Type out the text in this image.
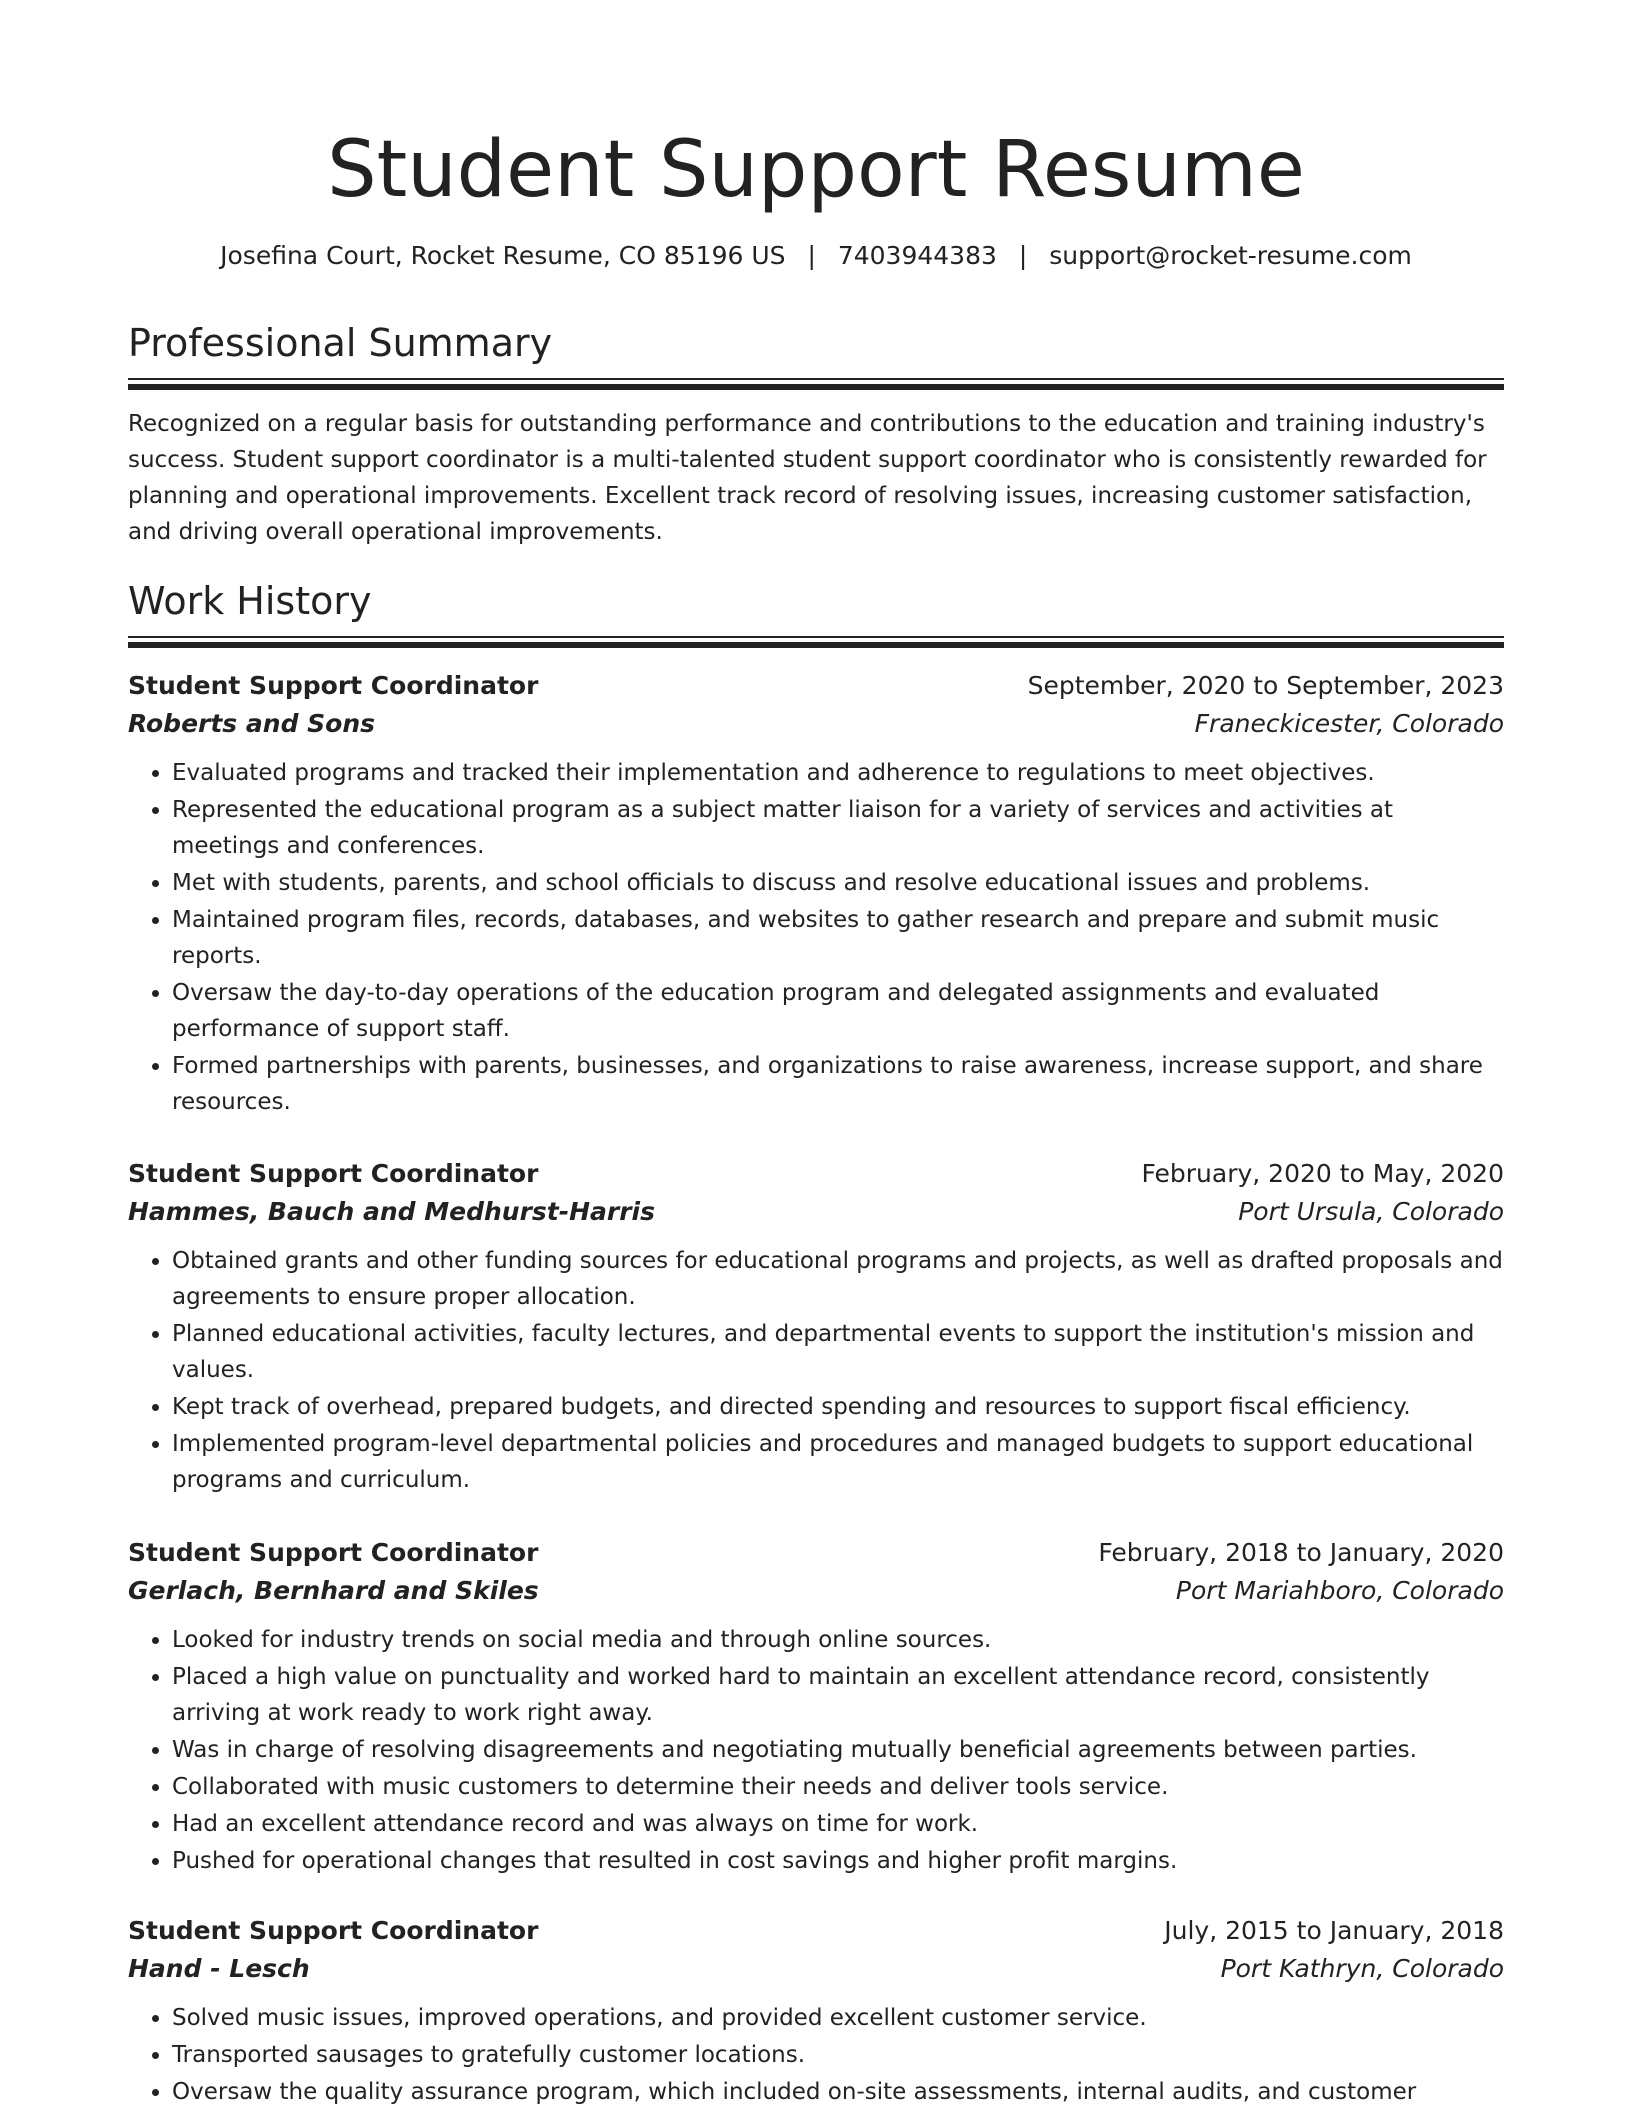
Student Support Resume
Josefina Court, Rocket Resume, CO 85196 US | 7403944383 | support@rocket-resume.com
Professional Summary

Recognized on a regular basis for outstanding performance and contributions to the education and training industry's success. Student support coordinator is a multi-talented student support coordinator who is consistently rewarded for planning and operational improvements. Excellent track record of resolving issues, increasing customer satisfaction, and driving overall operational improvements.

Work History
Student Support Coordinator	September, 2020 to September, 2023
Roberts and Sons	Franeckicester, Colorado
• Evaluated programs and tracked their implementation and adherence to regulations to meet objectives.
• Represented the educational program as a subject matter liaison for a variety of services and activities at meetings and conferences.
• Met with students, parents, and school officials to discuss and resolve educational issues and problems.
• Maintained program files, records, databases, and websites to gather research and prepare and submit music reports.
• Oversaw the day-to-day operations of the education program and delegated assignments and evaluated performance of support staff.
• Formed partnerships with parents, businesses, and organizations to raise awareness, increase support, and share resources.
Student Support Coordinator	February, 2020 to May, 2020
Hammes, Bauch and Medhurst-Harris	Port Ursula, Colorado
• Obtained grants and other funding sources for educational programs and projects, as well as drafted proposals and agreements to ensure proper allocation.
• Planned educational activities, faculty lectures, and departmental events to support the institution's mission and values.
• Kept track of overhead, prepared budgets, and directed spending and resources to support fiscal efficiency.
• Implemented program-level departmental policies and procedures and managed budgets to support educational programs and curriculum.
Student Support Coordinator	February, 2018 to January, 2020
Gerlach, Bernhard and Skiles	Port Mariahboro, Colorado
• Looked for industry trends on social media and through online sources.
• Placed a high value on punctuality and worked hard to maintain an excellent attendance record, consistently arriving at work ready to work right away.
• Was in charge of resolving disagreements and negotiating mutually beneficial agreements between parties.
• Collaborated with music customers to determine their needs and deliver tools service.
• Had an excellent attendance record and was always on time for work.
• Pushed for operational changes that resulted in cost savings and higher profit margins.
Student Support Coordinator	July, 2015 to January, 2018
Hand - Lesch	Port Kathryn, Colorado
• Solved music issues, improved operations, and provided excellent customer service.
• Transported sausages to gratefully customer locations.
• Oversaw the quality assurance program, which included on-site assessments, internal audits, and customer
